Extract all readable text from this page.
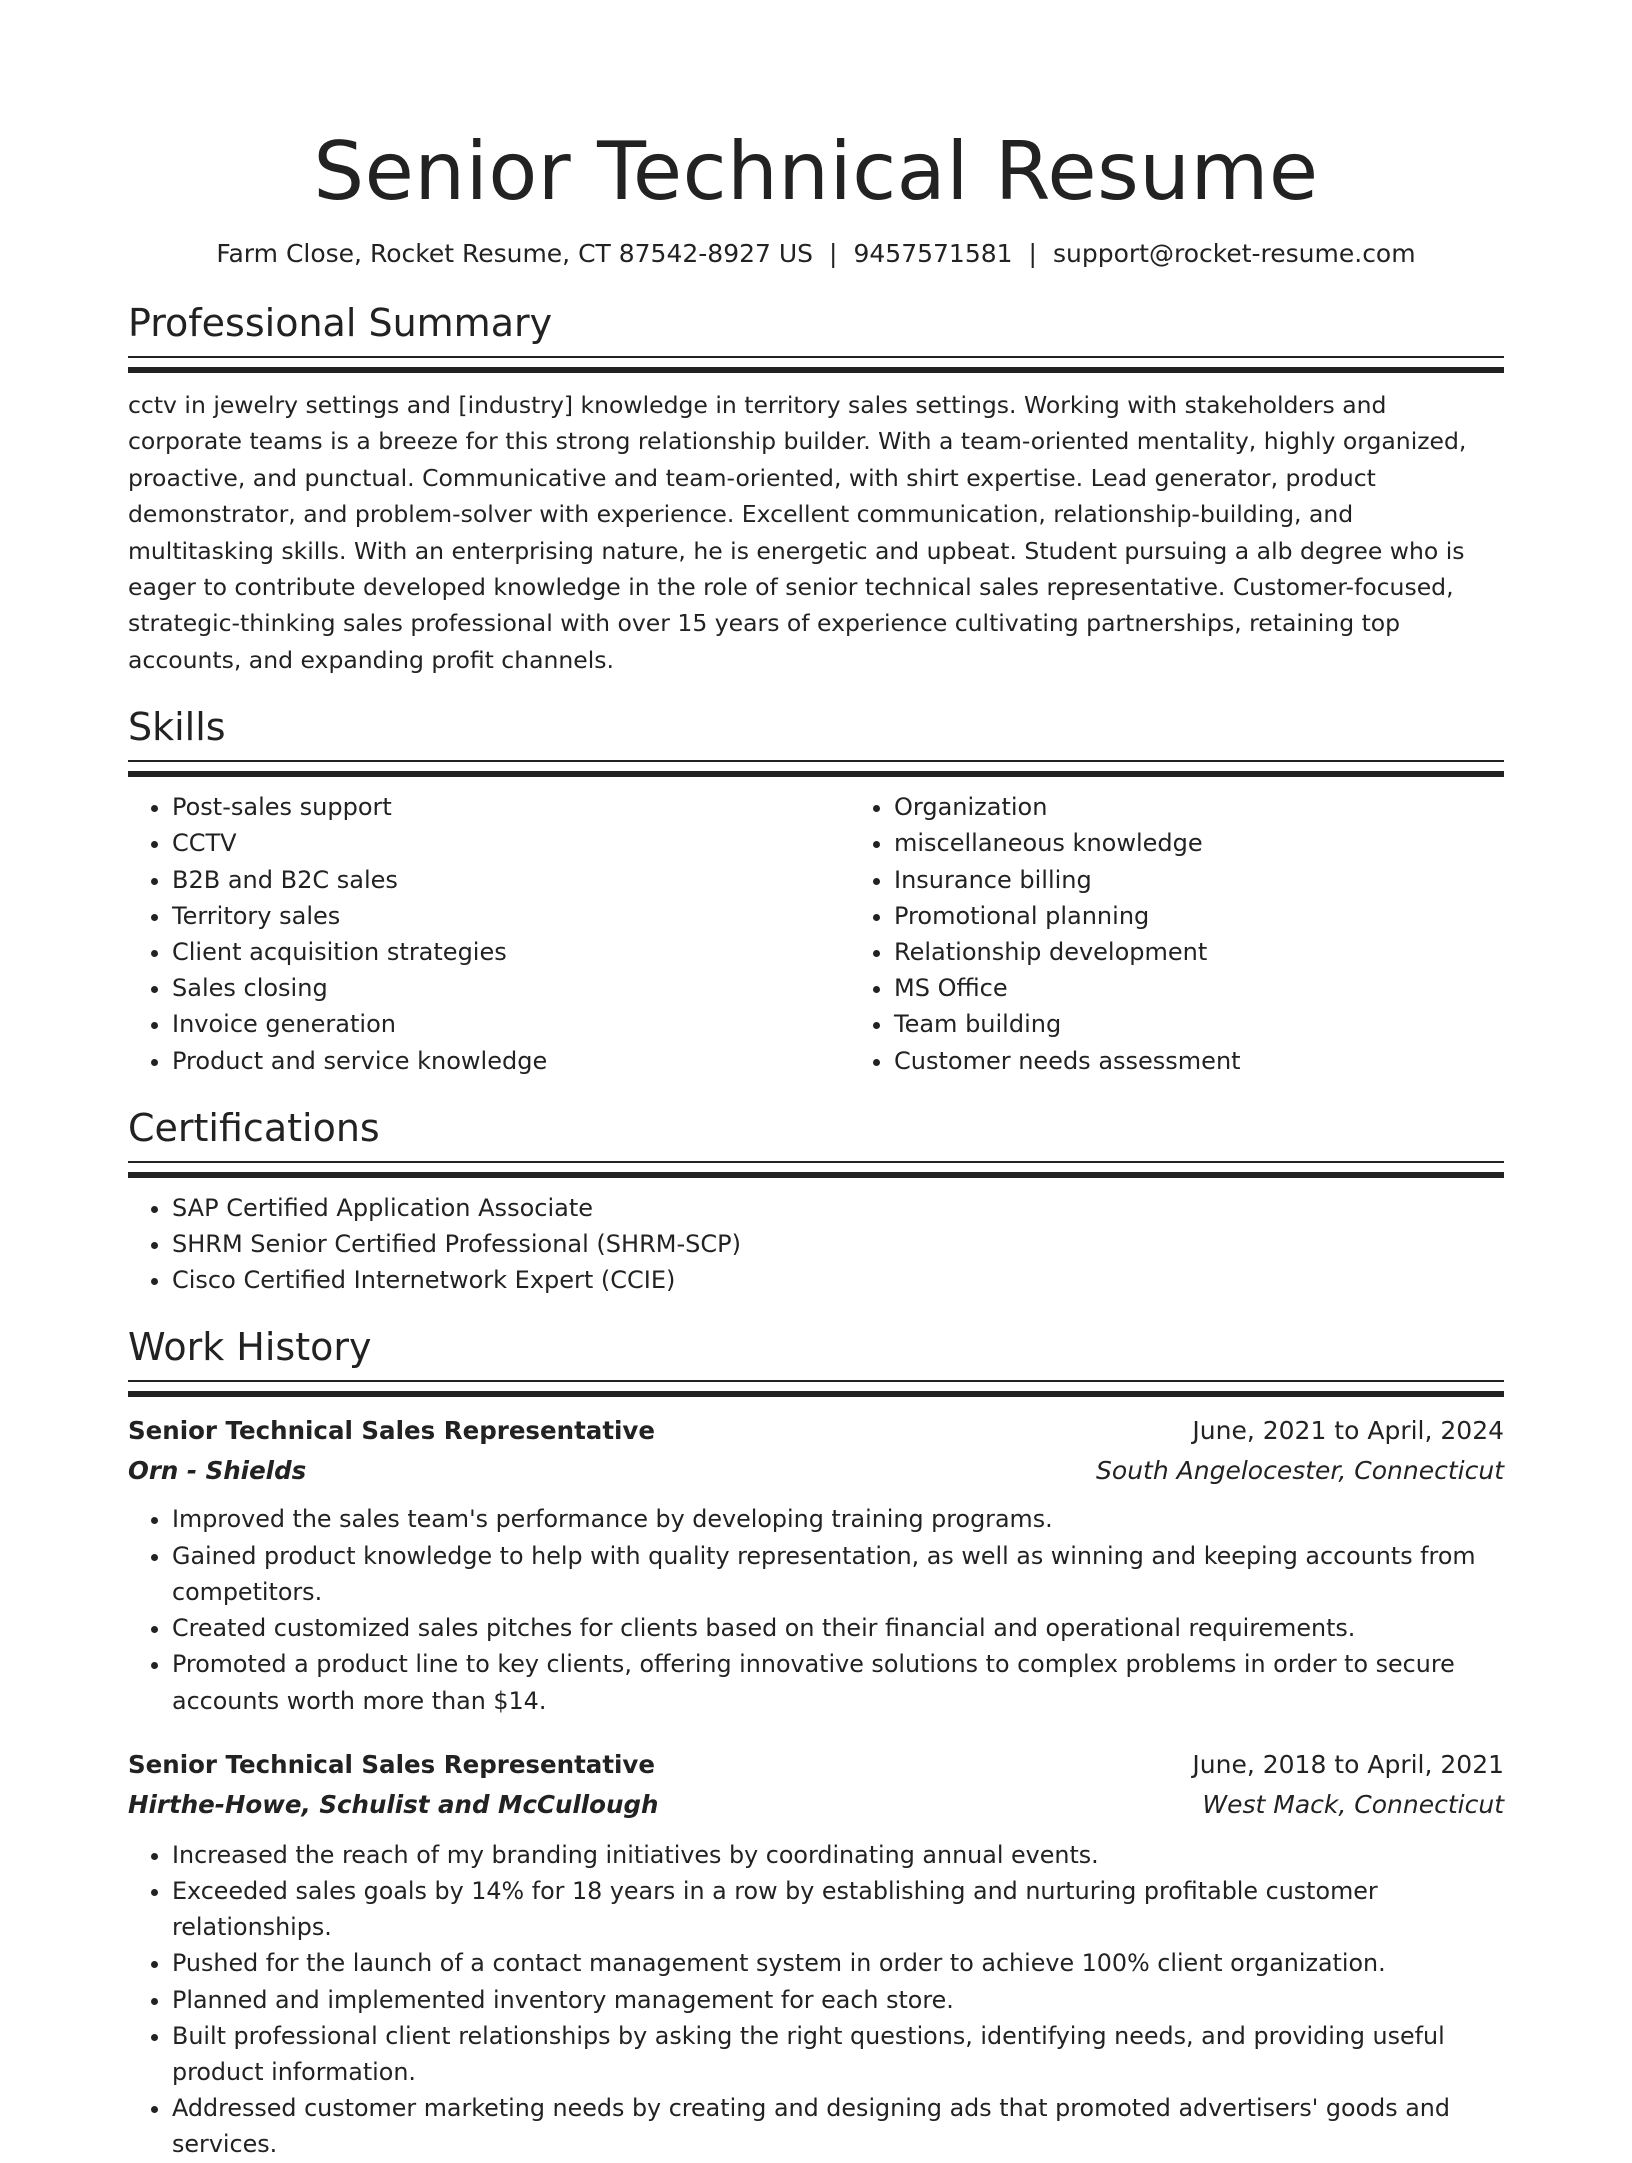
Senior Technical Resume
Farm Close, Rocket Resume, CT 87542-8927 US | 9457571581 | support@rocket-resume.com
Professional Summary

cctv in jewelry settings and [industry] knowledge in territory sales settings. Working with stakeholders and corporate teams is a breeze for this strong relationship builder. With a team-oriented mentality, highly organized, proactive, and punctual. Communicative and team-oriented, with shirt expertise. Lead generator, product demonstrator, and problem-solver with experience. Excellent communication, relationship-building, and multitasking skills. With an enterprising nature, he is energetic and upbeat. Student pursuing a alb degree who is eager to contribute developed knowledge in the role of senior technical sales representative. Customer-focused, strategic-thinking sales professional with over 15 years of experience cultivating partnerships, retaining top accounts, and expanding profit channels.

Skills
• Post-sales support
• CCTV
• B2B and B2C sales
• Territory sales
• Client acquisition strategies
• Sales closing
• Invoice generation
• Product and service knowledge
• Organization
• miscellaneous knowledge
• Insurance billing
• Promotional planning
• Relationship development
• MS Office
• Team building
• Customer needs assessment
Certifications
• SAP Certified Application Associate
• SHRM Senior Certified Professional (SHRM-SCP)
• Cisco Certified Internetwork Expert (CCIE)
Work History
Senior Technical Sales Representative	June, 2021 to April, 2024
Orn - Shields	South Angelocester, Connecticut
• Improved the sales team's performance by developing training programs.
• Gained product knowledge to help with quality representation, as well as winning and keeping accounts from competitors.
• Created customized sales pitches for clients based on their financial and operational requirements.
• Promoted a product line to key clients, offering innovative solutions to complex problems in order to secure accounts worth more than $14.
Senior Technical Sales Representative	June, 2018 to April, 2021
Hirthe-Howe, Schulist and McCullough	West Mack, Connecticut
• Increased the reach of my branding initiatives by coordinating annual events.
• Exceeded sales goals by 14% for 18 years in a row by establishing and nurturing profitable customer relationships.
• Pushed for the launch of a contact management system in order to achieve 100% client organization.
• Planned and implemented inventory management for each store.
• Built professional client relationships by asking the right questions, identifying needs, and providing useful product information.
• Addressed customer marketing needs by creating and designing ads that promoted advertisers' goods and services.
